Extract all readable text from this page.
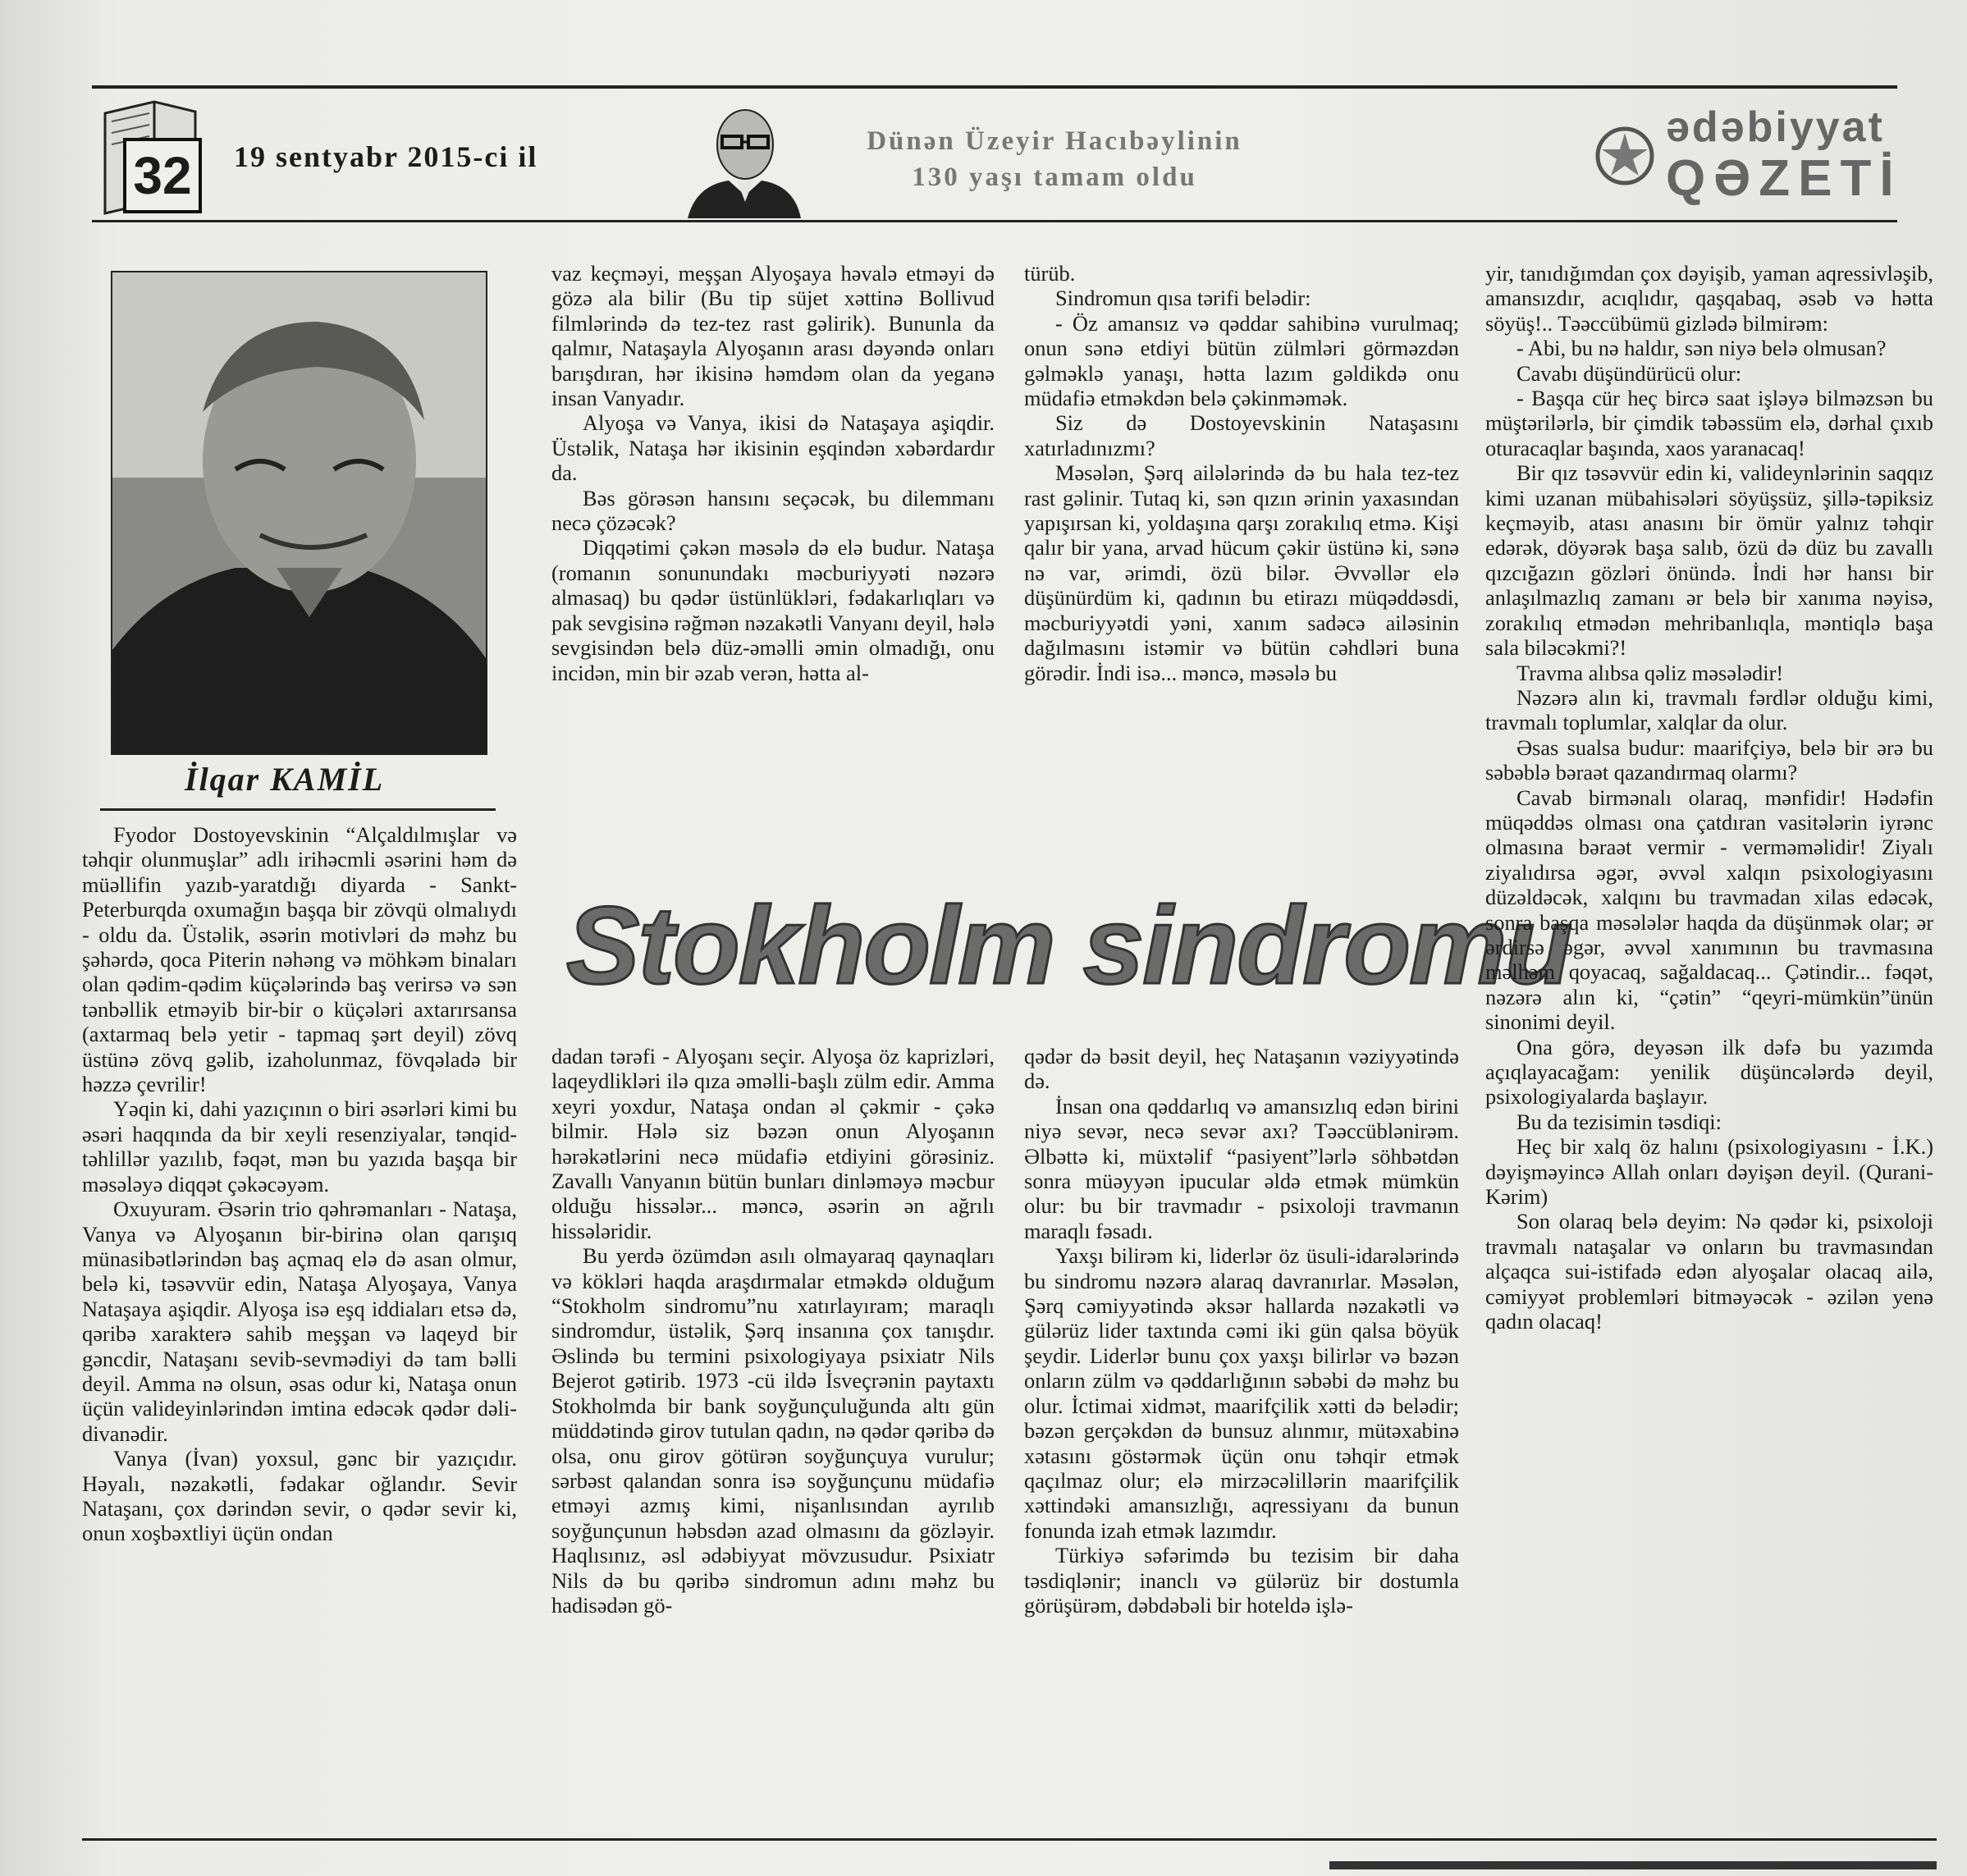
32	19 sentyabr 2015-ci il	Dünən Üzeyir Hacıbəylinin
130 yaşı tamam oldu
ədəbiyyat
QƏZETİ
İlqar KAMİL

Fyodor Dostoyevskinin “Alçaldılmışlar və təhqir olunmuşlar” adlı irihəcmli əsərini həm də müəllifin yazıb-yaratdığı diyarda - Sankt-Peterburqda oxumağın başqa bir zövqü olmalıydı - oldu da. Üstəlik, əsərin motivləri də məhz bu şəhərdə, qoca Piterin nəhəng və möhkəm binaları olan qədim-qədim küçələrində baş verirsə və sən tənbəllik etməyib bir-bir o küçələri axtarırsansa (axtarmaq belə yetir - tapmaq şərt deyil) zövq üstünə zövq gəlib, izaholunmaz, fövqəladə bir həzzə çevrilir!

Yəqin ki, dahi yazıçının o biri əsərləri kimi bu əsəri haqqında da bir xeyli resenziyalar, tənqid-təhlillər yazılıb, fəqət, mən bu yazıda başqa bir məsələyə diqqət çəkəcəyəm.

Oxuyuram. Əsərin trio qəhrəmanları - Nataşa, Vanya və Alyoşanın bir-birinə olan qarışıq münasibətlərindən baş açmaq elə də asan olmur, belə ki, təsəvvür edin, Nataşa Alyoşaya, Vanya Nataşaya aşiqdir. Alyoşa isə eşq iddiaları etsə də, qəribə xarakterə sahib meşşan və laqeyd bir gəncdir, Nataşanı sevib-sevmədiyi də tam bəlli deyil. Amma nə olsun, əsas odur ki, Nataşa onun üçün valideyinlərindən imtina edəcək qədər dəli-divanədir.

Vanya (İvan) yoxsul, gənc bir yazıçıdır. Həyalı, nəzakətli, fədakar oğlandır. Sevir Nataşanı, çox dərindən sevir, o qədər sevir ki, onun xoşbəxtliyi üçün ondan

vaz keçməyi, meşşan Alyoşaya həvalə etməyi də gözə ala bilir (Bu tip süjet xəttinə Bollivud filmlərində də tez-tez rast gəlirik). Bununla da qalmır, Nataşayla Alyoşanın arası dəyəndə onları barışdıran, hər ikisinə həmdəm olan da yeganə insan Vanyadır.

Alyoşa və Vanya, ikisi də Nataşaya aşiqdir. Üstəlik, Nataşa hər ikisinin eşqindən xəbərdardır da.

Bəs görəsən hansını seçəcək, bu dilemmanı necə çözəcək?

Diqqətimi çəkən məsələ də elə budur. Nataşa (romanın sonunundakı məcburiyyəti nəzərə almasaq) bu qədər üstünlükləri, fədakarlıqları və pak sevgisinə rəğmən nəzakətli Vanyanı deyil, hələ sevgisindən belə düz-əməlli əmin olmadığı, onu incidən, min bir əzab verən, hətta al-

türüb.

Sindromun qısa tərifi belədir:

- Öz amansız və qəddar sahibinə vurulmaq; onun sənə etdiyi bütün zülmləri görməzdən gəlməklə yanaşı, hətta lazım gəldikdə onu müdafiə etməkdən belə çəkinməmək.

Siz də Dostoyevskinin Nataşasını xatırladınızmı?

Məsələn, Şərq ailələrində də bu hala tez-tez rast gəlinir. Tutaq ki, sən qızın ərinin yaxasından yapışırsan ki, yoldaşına qarşı zorakılıq etmə. Kişi qalır bir yana, arvad hücum çəkir üstünə ki, sənə nə var, ərimdi, özü bilər. Əvvəllər elə düşünürdüm ki, qadının bu etirazı müqəddəsdi, məcburiyyətdi yəni, xanım sadəcə ailəsinin dağılmasını istəmir və bütün cəhdləri buna görədir. İndi isə... məncə, məsələ bu

Stokholm sindromu

dadan tərəfi - Alyoşanı seçir. Alyoşa öz kaprizləri, laqeydlikləri ilə qıza əməlli-başlı zülm edir. Amma xeyri yoxdur, Nataşa ondan əl çəkmir - çəkə bilmir. Hələ siz bəzən onun Alyoşanın hərəkətlərini necə müdafiə etdiyini görəsiniz. Zavallı Vanyanın bütün bunları dinləməyə məcbur olduğu hissələr... məncə, əsərin ən ağrılı hissələridir.

Bu yerdə özümdən asılı olmayaraq qaynaqları və kökləri haqda araşdırmalar etməkdə olduğum “Stokholm sindromu”nu xatırlayıram; maraqlı sindromdur, üstəlik, Şərq insanına çox tanışdır. Əslində bu termini psixologiyaya psixiatr Nils Bejerot gətirib. 1973 -cü ildə İsveçrənin paytaxtı Stokholmda bir bank soyğunçuluğunda altı gün müddətində girov tutulan qadın, nə qədər qəribə də olsa, onu girov götürən soyğunçuya vurulur; sərbəst qalandan sonra isə soyğunçunu müdafiə etməyi azmış kimi, nişanlısından ayrılıb soyğunçunun həbsdən azad olmasını da gözləyir. Haqlısınız, əsl ədəbiyyat mövzusudur. Psixiatr Nils də bu qəribə sindromun adını məhz bu hadisədən gö-

qədər də bəsit deyil, heç Nataşanın vəziyyətində də.

İnsan ona qəddarlıq və amansızlıq edən birini niyə sevər, necə sevər axı? Təəccüblənirəm. Əlbəttə ki, müxtəlif “pasiyent”lərlə söhbətdən sonra müəyyən ipucular əldə etmək mümkün olur: bu bir travmadır - psixoloji travmanın maraqlı fəsadı.

Yaxşı bilirəm ki, liderlər öz üsuli-idarələrində bu sindromu nəzərə alaraq davranırlar. Məsələn, Şərq cəmiyyətində əksər hallarda nəzakətli və gülərüz lider taxtında cəmi iki gün qalsa böyük şeydir. Liderlər bunu çox yaxşı bilirlər və bəzən onların zülm və qəddarlığının səbəbi də məhz bu olur. İctimai xidmət, maarifçilik xətti də belədir; bəzən gerçəkdən də bunsuz alınmır, mütəxabinə xətasını göstərmək üçün onu təhqir etmək qaçılmaz olur; elə mirzəcəlillərin maarifçilik xəttindəki amansızlığı, aqressiyanı da bunun fonunda izah etmək lazımdır.

Türkiyə səfərimdə bu tezisim bir daha təsdiqlənir; inanclı və gülərüz bir dostumla görüşürəm, dəbdəbəli bir hoteldə işlə-

yir, tanıdığımdan çox dəyişib, yaman aqressivləşib, amansızdır, acıqlıdır, qaşqabaq, əsəb və hətta söyüş!.. Təəccübümü gizlədə bilmirəm:

- Abi, bu nə haldır, sən niyə belə olmusan?

Cavabı düşündürücü olur:

- Başqa cür heç bircə saat işləyə bilməzsən bu müştərilərlə, bir çimdik təbəssüm elə, dərhal çıxıb oturacaqlar başında, xaos yaranacaq!

Bir qız təsəvvür edin ki, valideynlərinin saqqız kimi uzanan mübahisələri söyüşsüz, şillə-təpiksiz keçməyib, atası anasını bir ömür yalnız təhqir edərək, döyərək başa salıb, özü də düz bu zavallı qızcığazın gözləri önündə. İndi hər hansı bir anlaşılmazlıq zamanı ər belə bir xanıma nəyisə, zorakılıq etmədən mehribanlıqla, məntiqlə başa sala biləcəkmi?!

Travma alıbsa qəliz məsələdir!

Nəzərə alın ki, travmalı fərdlər olduğu kimi, travmalı toplumlar, xalqlar da olur.

Əsas sualsa budur: maarifçiyə, belə bir ərə bu səbəblə bəraət qazandırmaq olarmı?

Cavab birmənalı olaraq, mənfidir! Hədəfin müqəddəs olması ona çatdıran vasitələrin iyrənc olmasına bəraət vermir - verməməlidir! Ziyalı ziyalıdırsa əgər, əvvəl xalqın psixologiyasını düzəldəcək, xalqını bu travmadan xilas edəcək, sonra başqa məsələlər haqda da düşünmək olar; ər ərdirsə əgər, əvvəl xanımının bu travmasına məlhəm qoyacaq, sağaldacaq... Çətindir... fəqət, nəzərə alın ki, “çətin” “qeyri-mümkün”ünün sinonimi deyil.

Ona görə, deyəsən ilk dəfə bu yazımda açıqlayacağam: yenilik düşüncələrdə deyil, psixologiyalarda başlayır.

Bu da tezisimin təsdiqi:

Heç bir xalq öz halını (psixologiyasını - İ.K.) dəyişməyincə Allah onları dəyişən deyil. (Qurani-Kərim)

Son olaraq belə deyim: Nə qədər ki, psixoloji travmalı nataşalar və onların bu travmasından alçaqca sui-istifadə edən alyoşalar olacaq ailə, cəmiyyət problemləri bitməyəcək - əzilən yenə qadın olacaq!
